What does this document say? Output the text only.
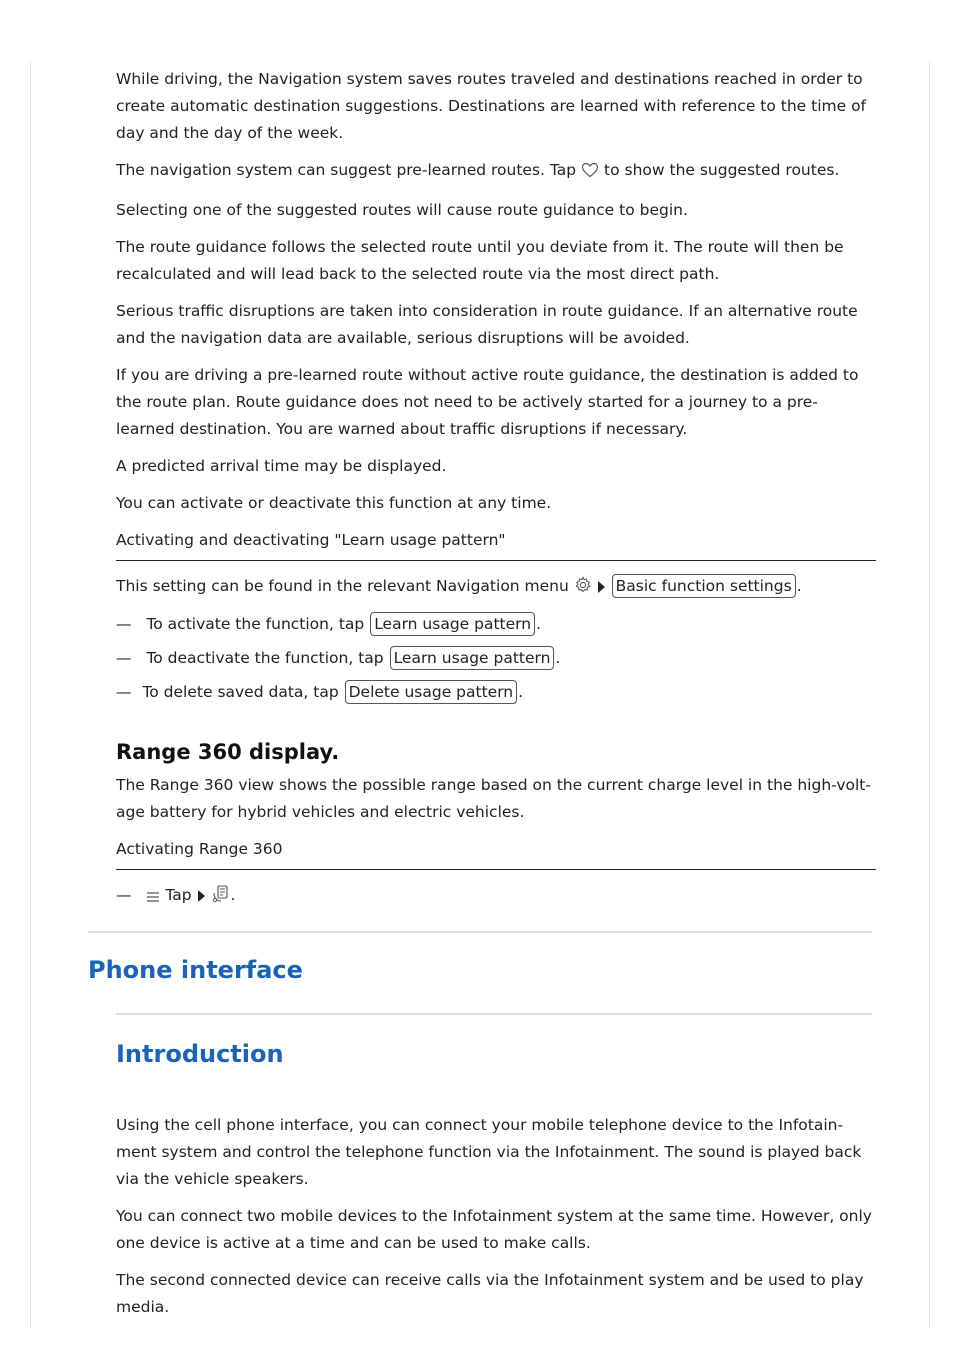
While driving, the Navigation system saves routes traveled and destinations reached in order to create automatic destination suggestions. Destinations are learned with reference to the time of day and the day of the week.

The navigation system can suggest pre-learned routes. Tap to show the suggested routes.

Selecting one of the suggested routes will cause route guidance to begin.

The route guidance follows the selected route until you deviate from it. The route will then be recalculated and will lead back to the selected route via the most direct path.

Serious traffic disruptions are taken into consideration in route guidance. If an alternative route and the navigation data are available, serious disruptions will be avoided.

If you are driving a pre-learned route without active route guidance, the destination is added to the route plan. Route guidance does not need to be actively started for a journey to a pre-learned destination. You are warned about traffic disruptions if necessary.

A predicted arrival time may be displayed.

You can activate or deactivate this function at any time.

Activating and deactivating "Learn usage pattern"

This setting can be found in the relevant Navigation menu	Basic function settings .

— To activate the function, tap Learn usage pattern .
— To deactivate the function, tap Learn usage pattern .
— To delete saved data, tap Delete usage pattern .
Range 360 display.

The Range 360 view shows the possible range based on the current charge level in the high-volt-age battery for hybrid vehicles and electric vehicles.

Activating Range 360
— Tap	.
Phone interface
Introduction

Using the cell phone interface, you can connect your mobile telephone device to the Infotain-ment system and control the telephone function via the Infotainment. The sound is played back via the vehicle speakers.

You can connect two mobile devices to the Infotainment system at the same time. However, only one device is active at a time and can be used to make calls.

The second connected device can receive calls via the Infotainment system and be used to play media.
